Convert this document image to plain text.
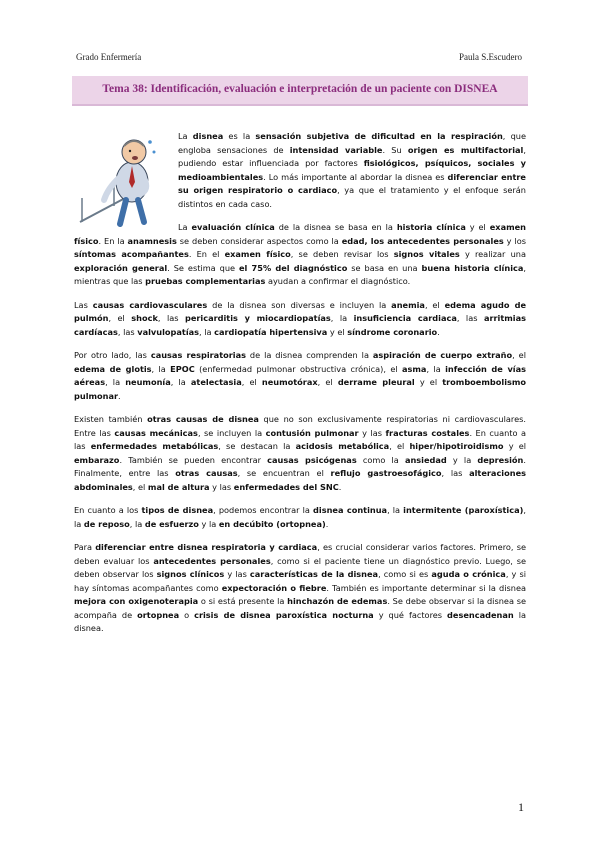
Grado Enfermería	Paula S.Escudero
Tema 38: Identificación, evaluación e interpretación de un paciente con DISNEA

La disnea es la sensación subjetiva de dificultad en la respiración, que engloba sensaciones de intensidad variable. Su origen es multifactorial, pudiendo estar influenciada por factores fisiológicos, psíquicos, sociales y medioambientales. Lo más importante al abordar la disnea es diferenciar entre su origen respiratorio o cardiaco, ya que el tratamiento y el enfoque serán distintos en cada caso.

La evaluación clínica de la disnea se basa en la historia clínica y el examen físico. En la anamnesis se deben considerar aspectos como la edad, los antecedentes personales y los síntomas acompañantes. En el examen físico, se deben revisar los signos vitales y realizar una exploración general. Se estima que el 75% del diagnóstico se basa en una buena historia clínica, mientras que las pruebas complementarias ayudan a confirmar el diagnóstico.

Las causas cardiovasculares de la disnea son diversas e incluyen la anemia, el edema agudo de pulmón, el shock, las pericarditis y miocardiopatías, la insuficiencia cardiaca, las arritmias cardíacas, las valvulopatías, la cardiopatía hipertensiva y el síndrome coronario.

Por otro lado, las causas respiratorias de la disnea comprenden la aspiración de cuerpo extraño, el edema de glotis, la EPOC (enfermedad pulmonar obstructiva crónica), el asma, la infección de vías aéreas, la neumonía, la atelectasia, el neumotórax, el derrame pleural y el tromboembolismo pulmonar.

Existen también otras causas de disnea que no son exclusivamente respiratorias ni cardiovasculares. Entre las causas mecánicas, se incluyen la contusión pulmonar y las fracturas costales. En cuanto a las enfermedades metabólicas, se destacan la acidosis metabólica, el hiper/hipotiroidismo y el embarazo. También se pueden encontrar causas psicógenas como la ansiedad y la depresión. Finalmente, entre las otras causas, se encuentran el reflujo gastroesofágico, las alteraciones abdominales, el mal de altura y las enfermedades del SNC.

En cuanto a los tipos de disnea, podemos encontrar la disnea continua, la intermitente (paroxística), la de reposo, la de esfuerzo y la en decúbito (ortopnea).

Para diferenciar entre disnea respiratoria y cardiaca, es crucial considerar varios factores. Primero, se deben evaluar los antecedentes personales, como si el paciente tiene un diagnóstico previo. Luego, se deben observar los signos clínicos y las características de la disnea, como si es aguda o crónica, y si hay síntomas acompañantes como expectoración o fiebre. También es importante determinar si la disnea mejora con oxigenoterapia o si está presente la hinchazón de edemas. Se debe observar si la disnea se acompaña de ortopnea o crisis de disnea paroxística nocturna y qué factores desencadenan la disnea.

1
